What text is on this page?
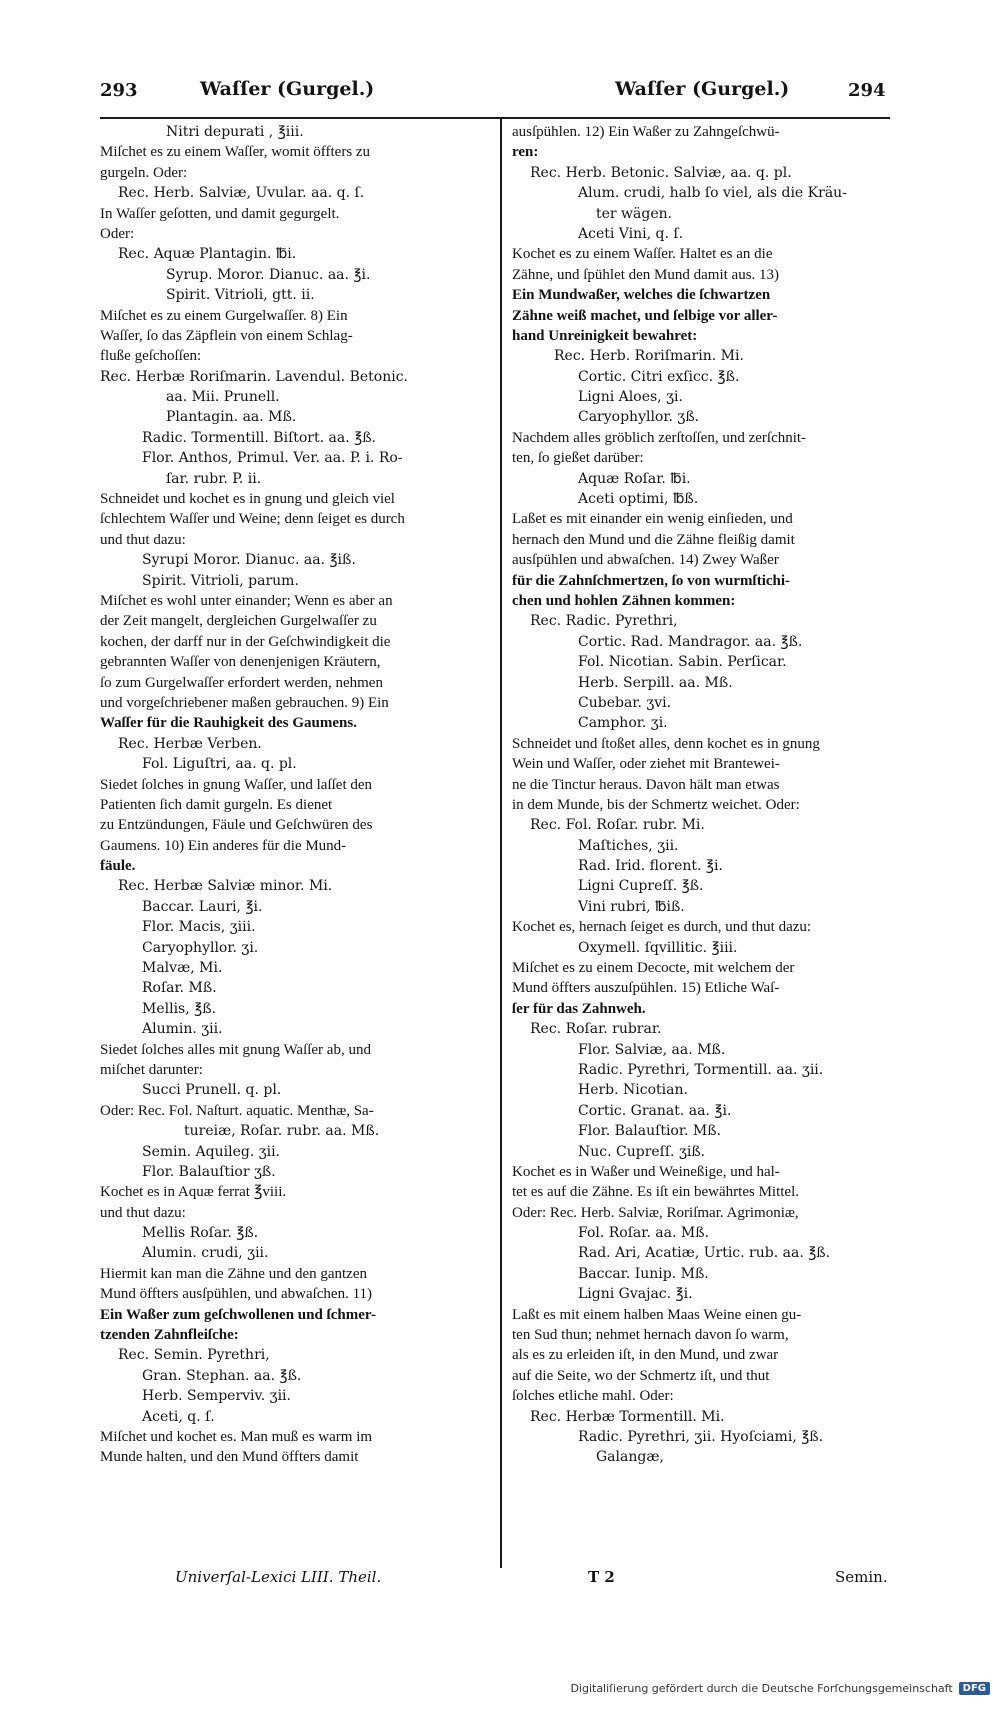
293	Waſſer (Gurgel.)	Waſſer (Gurgel.)	294
Nitri depurati , ℥iii.
Miſchet es zu einem Waſſer, womit öffters zu
gurgeln. Oder:
Rec. Herb. Salviæ, Uvular. aa. q. ſ.
In Waſſer geſotten, und damit gegurgelt.
Oder:
Rec. Aquæ Plantagin. ℔i.
Syrup. Moror. Dianuc. aa. ℥i.
Spirit. Vitrioli, gtt. ii.
Miſchet es zu einem Gurgelwaſſer. 8) Ein
Waſſer, ſo das Zäpflein von einem Schlag-
fluße geſchoſſen:
Rec. Herbæ Roriſmarin. Lavendul. Betonic.
aa. Mii. Prunell.
Plantagin. aa. Mß.
Radic. Tormentill. Biſtort. aa. ℥ß.
Flor. Anthos, Primul. Ver. aa. P. i. Ro-
ſar. rubr. P. ii.
Schneidet und kochet es in gnung und gleich viel
ſchlechtem Waſſer und Weine; denn ſeiget es durch
und thut dazu:
Syrupi Moror. Dianuc. aa. ℥iß.
Spirit. Vitrioli, parum.
Miſchet es wohl unter einander; Wenn es aber an
der Zeit mangelt, dergleichen Gurgelwaſſer zu
kochen, der darff nur in der Geſchwindigkeit die
gebrannten Waſſer von denenjenigen Kräutern,
ſo zum Gurgelwaſſer erfordert werden, nehmen
und vorgeſchriebener maßen gebrauchen. 9) Ein
Waſſer für die Rauhigkeit des Gaumens.
Rec. Herbæ Verben.
Fol. Liguſtri, aa. q. pl.
Siedet ſolches in gnung Waſſer, und laſſet den
Patienten ſich damit gurgeln. Es dienet
zu Entzündungen, Fäule und Geſchwüren des
Gaumens. 10) Ein anderes für die Mund-
fäule.
Rec. Herbæ Salviæ minor. Mi.
Baccar. Lauri, ℥i.
Flor. Macis, ʒiii.
Caryophyllor. ʒi.
Malvæ, Mi.
Roſar. Mß.
Mellis, ℥ß.
Alumin. ʒii.
Siedet ſolches alles mit gnung Waſſer ab, und
miſchet darunter:
Succi Prunell. q. pl.
Oder: Rec. Fol. Naſturt. aquatic. Menthæ, Sa-
tureiæ, Roſar. rubr. aa. Mß.
Semin. Aquileg. ʒii.
Flor. Balauſtior ʒß.
Kochet es in Aquæ ferrat ℥viii.
und thut dazu:
Mellis Roſar. ℥ß.
Alumin. crudi, ʒii.
Hiermit kan man die Zähne und den gantzen
Mund öffters ausſpühlen, und abwaſchen. 11)
Ein Waßer zum geſchwollenen und ſchmer-
tzenden Zahnfleiſche:
Rec. Semin. Pyrethri,
Gran. Stephan. aa. ℥ß.
Herb. Semperviv. ʒii.
Aceti, q. ſ.
Miſchet und kochet es. Man muß es warm im
Munde halten, und den Mund öffters damit
ausſpühlen. 12) Ein Waßer zu Zahngeſchwü-
ren:
Rec. Herb. Betonic. Salviæ, aa. q. pl.
Alum. crudi, halb ſo viel, als die Kräu-
ter wägen.
Aceti Vini, q. ſ.
Kochet es zu einem Waſſer. Haltet es an die
Zähne, und ſpühlet den Mund damit aus. 13)
Ein Mundwaßer, welches die ſchwartzen
Zähne weiß machet, und ſelbige vor aller-
hand Unreinigkeit bewahret:
Rec. Herb. Roriſmarin. Mi.
Cortic. Citri exſicc. ℥ß.
Ligni Aloes, ʒi.
Caryophyllor. ʒß.
Nachdem alles gröblich zerſtoſſen, und zerſchnit-
ten, ſo gießet darüber:
Aquæ Roſar. ℔i.
Aceti optimi, ℔ß.
Laßet es mit einander ein wenig einſieden, und
hernach den Mund und die Zähne fleißig damit
ausſpühlen und abwaſchen. 14) Zwey Waßer
für die Zahnſchmertzen, ſo von wurmſtichi-
chen und hohlen Zähnen kommen:
Rec. Radic. Pyrethri,
Cortic. Rad. Mandragor. aa. ℥ß.
Fol. Nicotian. Sabin. Perſicar.
Herb. Serpill. aa. Mß.
Cubebar. ʒvi.
Camphor. ʒi.
Schneidet und ſtoßet alles, denn kochet es in gnung
Wein und Waſſer, oder ziehet mit Brantewei-
ne die Tinctur heraus. Davon hält man etwas
in dem Munde, bis der Schmertz weichet. Oder:
Rec. Fol. Roſar. rubr. Mi.
Maſtiches, ʒii.
Rad. Irid. florent. ℥i.
Ligni Cupreſſ. ℥ß.
Vini rubri, ℔iß.
Kochet es, hernach ſeiget es durch, und thut dazu:
Oxymell. ſqvillitic. ℥iii.
Miſchet es zu einem Decocte, mit welchem der
Mund öffters auszuſpühlen. 15) Etliche Waſ-
ſer für das Zahnweh.
Rec. Roſar. rubrar.
Flor. Salviæ, aa. Mß.
Radic. Pyrethri, Tormentill. aa. ʒii.
Herb. Nicotian.
Cortic. Granat. aa. ℥i.
Flor. Balauſtior. Mß.
Nuc. Cupreſſ. ʒiß.
Kochet es in Waßer und Weineßige, und hal-
tet es auf die Zähne. Es iſt ein bewährtes Mittel.
Oder: Rec. Herb. Salviæ, Roriſmar. Agrimoniæ,
Fol. Roſar. aa. Mß.
Rad. Ari, Acatiæ, Urtic. rub. aa. ℥ß.
Baccar. Iunip. Mß.
Ligni Gvajac. ℥i.
Laßt es mit einem halben Maas Weine einen gu-
ten Sud thun; nehmet hernach davon ſo warm,
als es zu erleiden iſt, in den Mund, und zwar
auf die Seite, wo der Schmertz iſt, und thut
ſolches etliche mahl. Oder:
Rec. Herbæ Tormentill. Mi.
Radic. Pyrethri, ʒii. Hyoſciami, ℥ß.
Galangæ,
Univerſal-Lexici LIII. Theil.	T 2	Semin.
Digitaliſierung gefördert durch die Deutsche Forſchungsgemeinschaft	DFG
